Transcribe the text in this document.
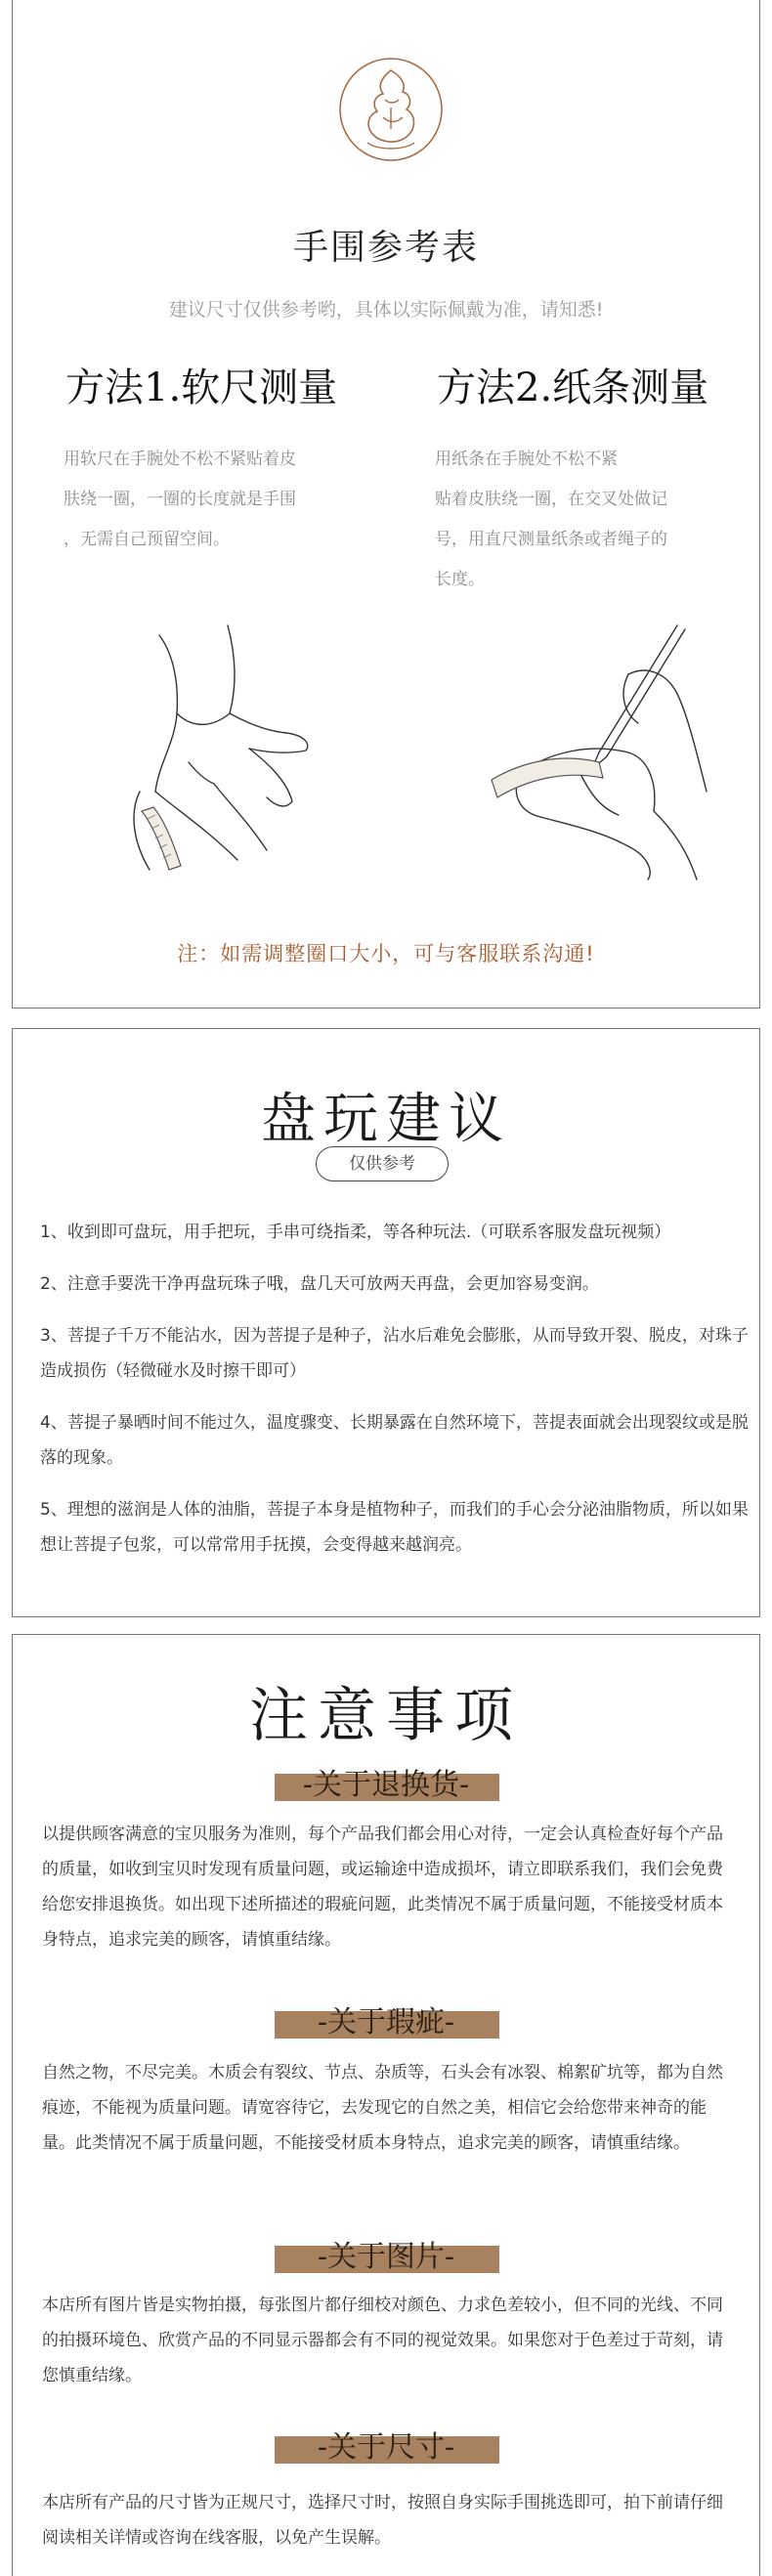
手围参考表
建议尺寸仅供参考哟，具体以实际佩戴为准，请知悉!
方法1.软尺测量	方法2.纸条测量
用软尺在手腕处不松不紧贴着皮
肤绕一圈，一圈的长度就是手围
，无需自己预留空间。
用纸条在手腕处不松不紧
贴着皮肤绕一圈，在交叉处做记
号，用直尺测量纸条或者绳子的
长度。
注：如需调整圈口大小，可与客服联系沟通!
盘玩建议
仅供参考
1、收到即可盘玩，用手把玩，手串可绕指柔，等各种玩法.（可联系客服发盘玩视频）
2、注意手要洗干净再盘玩珠子哦，盘几天可放两天再盘，会更加容易变润。
3、菩提子千万不能沾水，因为菩提子是种子，沾水后难免会膨胀，从而导致开裂、脱皮，对珠子造成损伤（轻微碰水及时擦干即可）
4、菩提子暴晒时间不能过久，温度骤变、长期暴露在自然环境下，菩提表面就会出现裂纹或是脱落的现象。
5、理想的滋润是人体的油脂，菩提子本身是植物种子，而我们的手心会分泌油脂物质，所以如果想让菩提子包浆，可以常常用手抚摸，会变得越来越润亮。
注意事项
-关于退换货-
以提供顾客满意的宝贝服务为准则，每个产品我们都会用心对待，一定会认真检查好每个产品的质量，如收到宝贝时发现有质量问题，或运输途中造成损坏，请立即联系我们，我们会免费给您安排退换货。如出现下述所描述的瑕疵问题，此类情况不属于质量问题，不能接受材质本身特点，追求完美的顾客，请慎重结缘。
-关于瑕疵-
自然之物，不尽完美。木质会有裂纹、节点、杂质等，石头会有冰裂、棉絮矿坑等，都为自然痕迹，不能视为质量问题。请宽容待它，去发现它的自然之美，相信它会给您带来神奇的能量。此类情况不属于质量问题，不能接受材质本身特点，追求完美的顾客，请慎重结缘。
-关于图片-
本店所有图片皆是实物拍摄，每张图片都仔细校对颜色、力求色差较小，但不同的光线、不同的拍摄环境色、欣赏产品的不同显示器都会有不同的视觉效果。如果您对于色差过于苛刻，请您慎重结缘。
-关于尺寸-
本店所有产品的尺寸皆为正规尺寸，选择尺寸时，按照自身实际手围挑选即可，拍下前请仔细阅读相关详情或咨询在线客服，以免产生误解。
